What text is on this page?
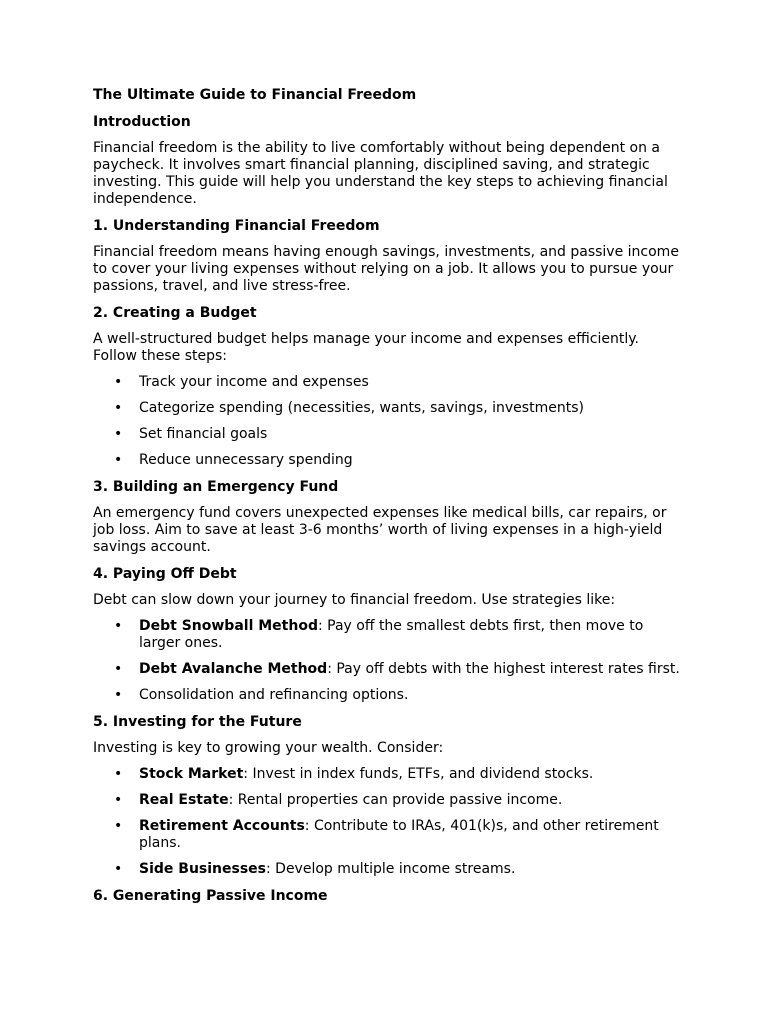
The Ultimate Guide to Financial Freedom
Introduction
Financial freedom is the ability to live comfortably without being dependent on a paycheck. It involves smart financial planning, disciplined saving, and strategic investing. This guide will help you understand the key steps to achieving financial independence.
1. Understanding Financial Freedom
Financial freedom means having enough savings, investments, and passive income to cover your living expenses without relying on a job. It allows you to pursue your passions, travel, and live stress-free.
2. Creating a Budget
A well-structured budget helps manage your income and expenses efficiently. Follow these steps:
• Track your income and expenses
• Categorize spending (necessities, wants, savings, investments)
• Set financial goals
• Reduce unnecessary spending
3. Building an Emergency Fund
An emergency fund covers unexpected expenses like medical bills, car repairs, or job loss. Aim to save at least 3-6 months’ worth of living expenses in a high-yield savings account.
4. Paying Off Debt
Debt can slow down your journey to financial freedom. Use strategies like:
• Debt Snowball Method: Pay off the smallest debts first, then move to larger ones.
• Debt Avalanche Method: Pay off debts with the highest interest rates first.
• Consolidation and refinancing options.
5. Investing for the Future
Investing is key to growing your wealth. Consider:
• Stock Market: Invest in index funds, ETFs, and dividend stocks.
• Real Estate: Rental properties can provide passive income.
• Retirement Accounts: Contribute to IRAs, 401(k)s, and other retirement plans.
• Side Businesses: Develop multiple income streams.
6. Generating Passive Income
